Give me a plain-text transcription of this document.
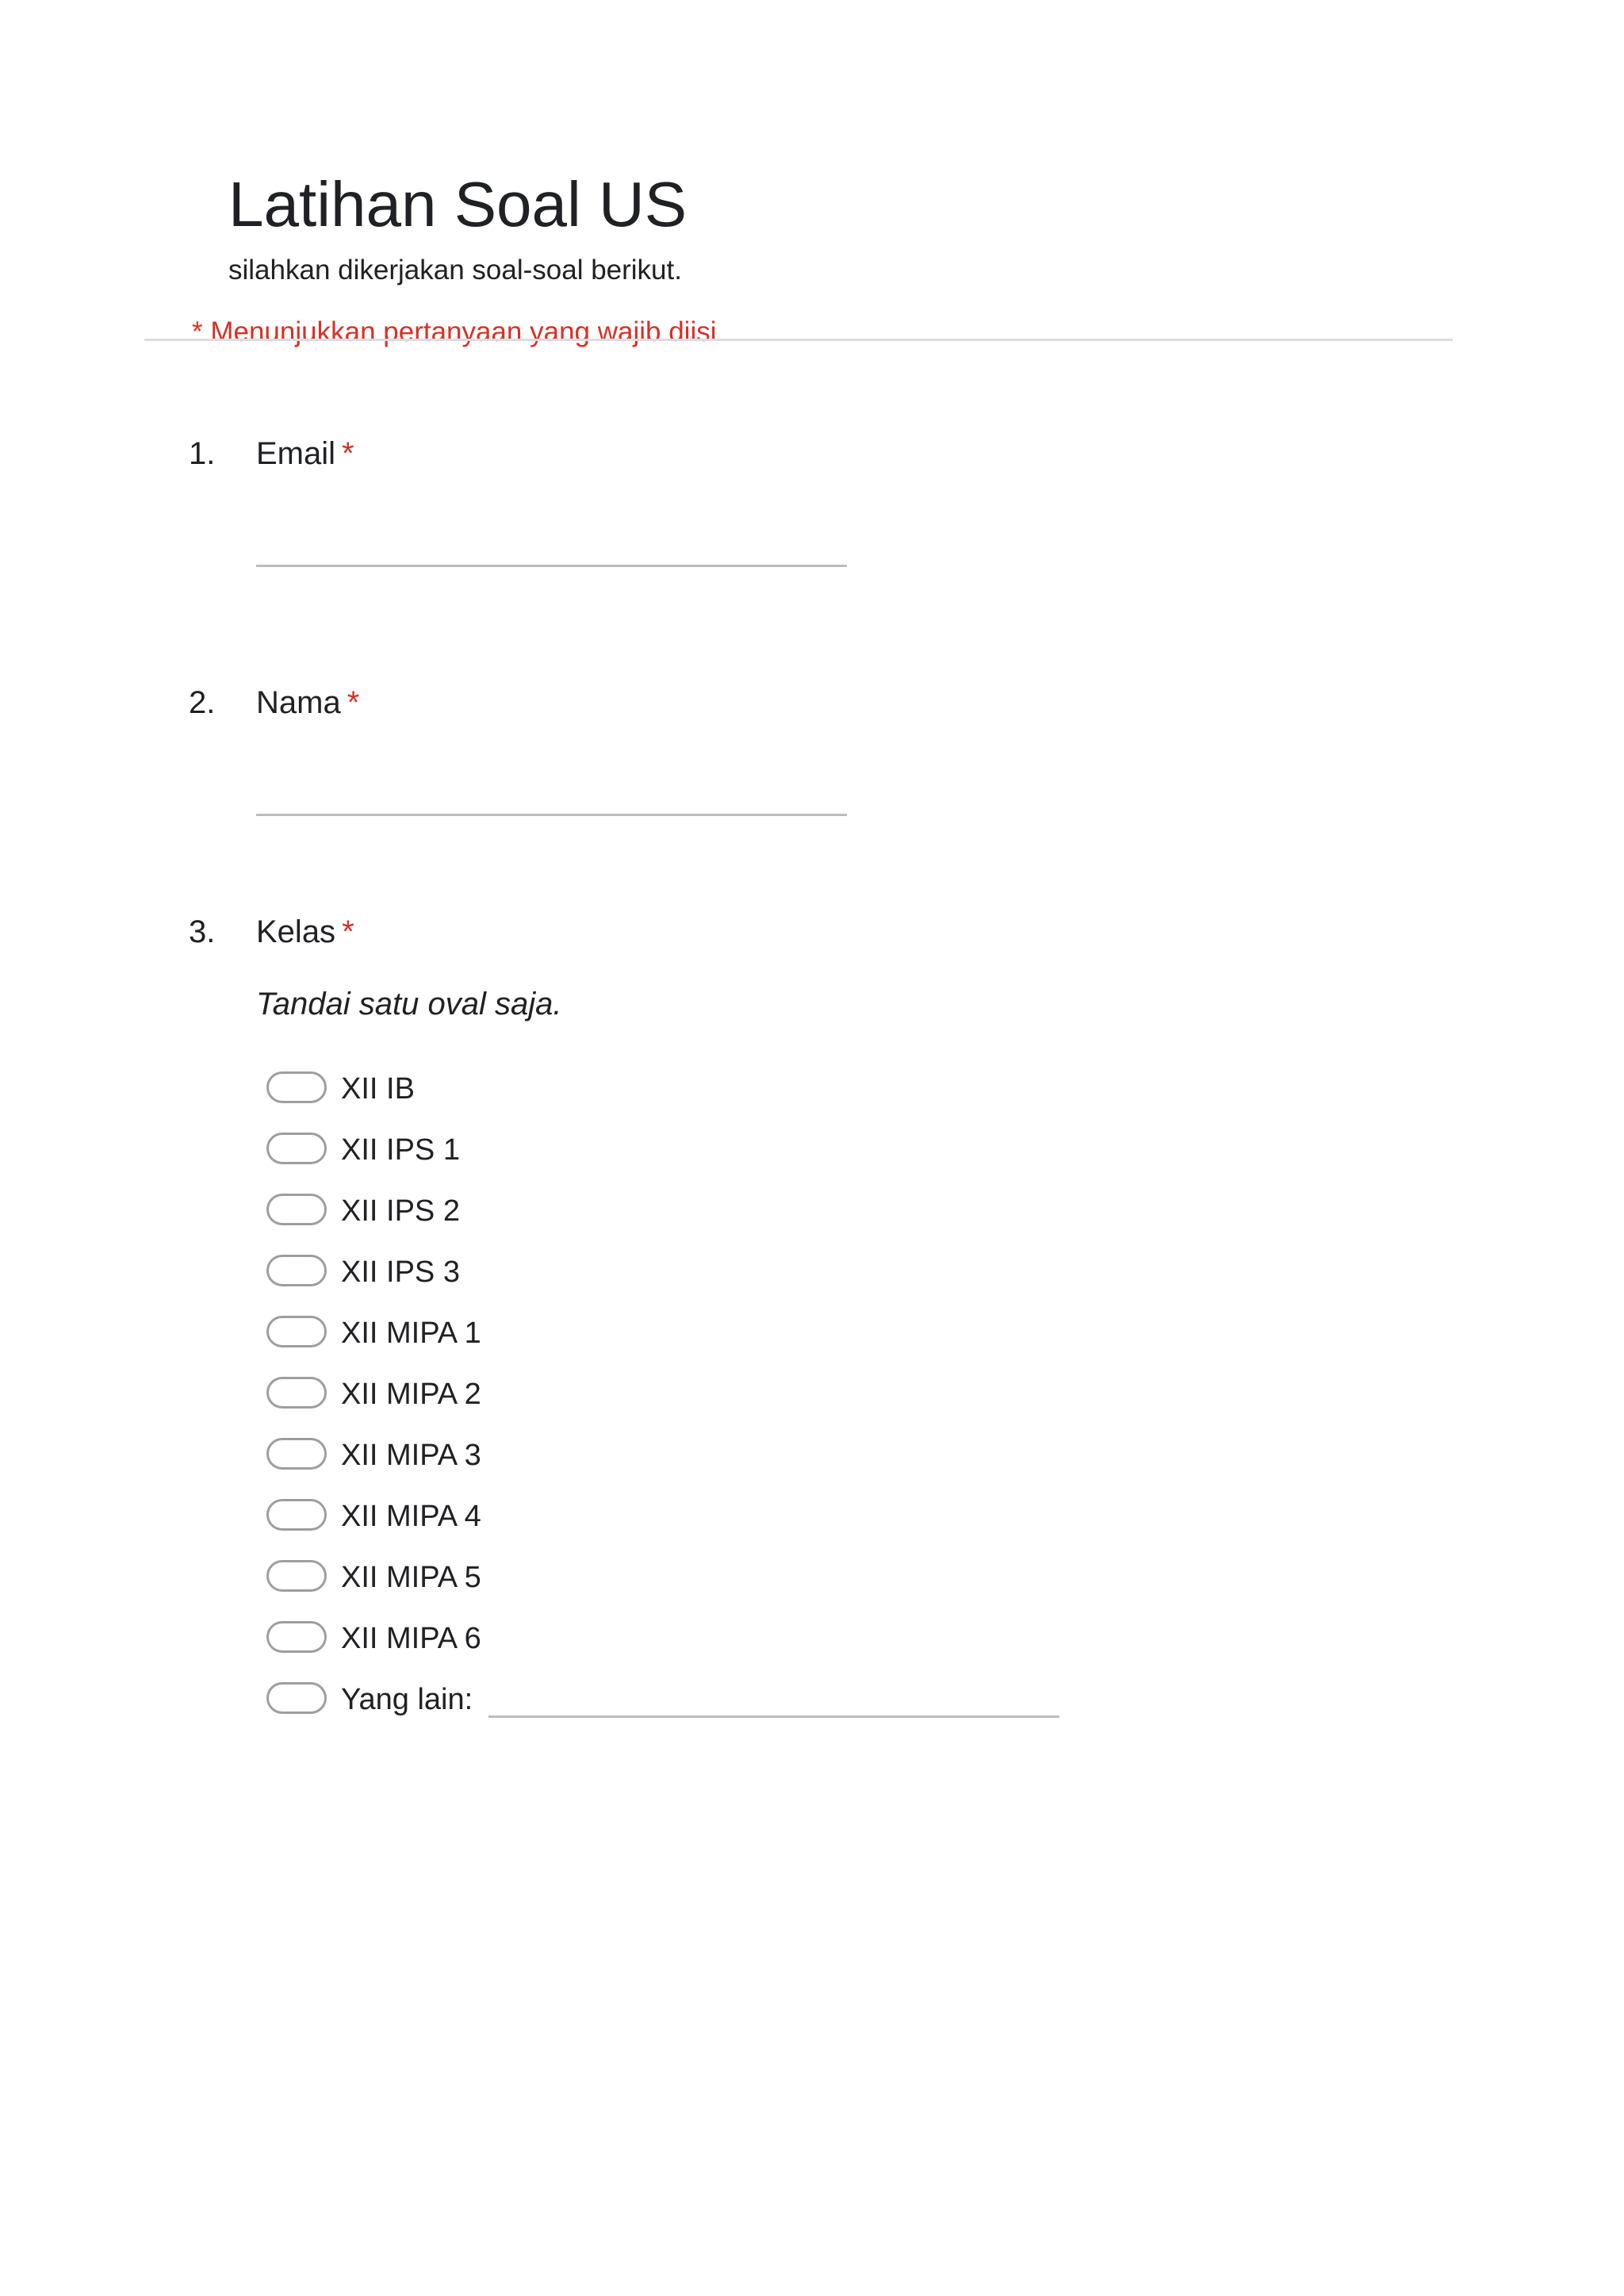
Latihan Soal US
silahkan dikerjakan soal-soal berikut.
* Menunjukkan pertanyaan yang wajib diisi
1. Email *
2. Nama *
3. Kelas *
Tandai satu oval saja.
XII IB
XII IPS 1
XII IPS 2
XII IPS 3
XII MIPA 1
XII MIPA 2
XII MIPA 3
XII MIPA 4
XII MIPA 5
XII MIPA 6
Yang lain:
